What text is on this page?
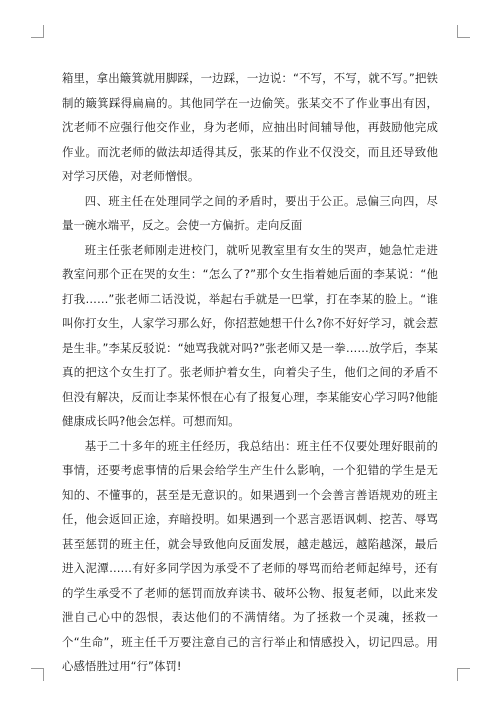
箱里，拿出簸箕就用脚踩，一边踩，一边说：“不写，不写，就不写。”把铁制的簸箕踩得扁扁的。其他同学在一边偷笑。张某交不了作业事出有因，沈老师不应强行他交作业，身为老师，应抽出时间辅导他，再鼓励他完成作业。而沈老师的做法却适得其反，张某的作业不仅没交，而且还导致他对学习厌倦，对老师憎恨。

四、班主任在处理同学之间的矛盾时，要出于公正。忌偏三向四，尽量一碗水端平，反之。会使一方偏折。走向反面

班主任张老师刚走进校门，就听见教室里有女生的哭声，她急忙走进教室问那个正在哭的女生：“怎么了?”那个女生指着她后面的李某说：“他打我……”张老师二话没说，举起右手就是一巴掌，打在李某的脸上。“谁叫你打女生，人家学习那么好，你招惹她想干什么?你不好好学习，就会惹是生非。”李某反驳说：“她骂我就对吗?”张老师又是一拳……放学后，李某真的把这个女生打了。张老师护着女生，向着尖子生，他们之间的矛盾不但没有解决，反而让李某怀恨在心有了报复心理，李某能安心学习吗?他能健康成长吗?他会怎样。可想而知。

基于二十多年的班主任经历，我总结出：班主任不仅要处理好眼前的事情，还要考虑事情的后果会给学生产生什么影响，一个犯错的学生是无知的、不懂事的，甚至是无意识的。如果遇到一个会善言善语规劝的班主任，他会返回正途，弃暗投明。如果遇到一个恶言恶语讽刺、挖苦、辱骂甚至惩罚的班主任，就会导致他向反面发展，越走越远，越陷越深，最后进入泥潭……有好多同学因为承受不了老师的辱骂而给老师起绰号，还有的学生承受不了老师的惩罚而放弃读书、破坏公物、报复老师，以此来发泄自己心中的怨恨，表达他们的不满情绪。为了拯救一个灵魂，拯救一个“生命”，班主任千万要注意自己的言行举止和情感投入，切记四忌。用心感悟胜过用“行”体罚!
